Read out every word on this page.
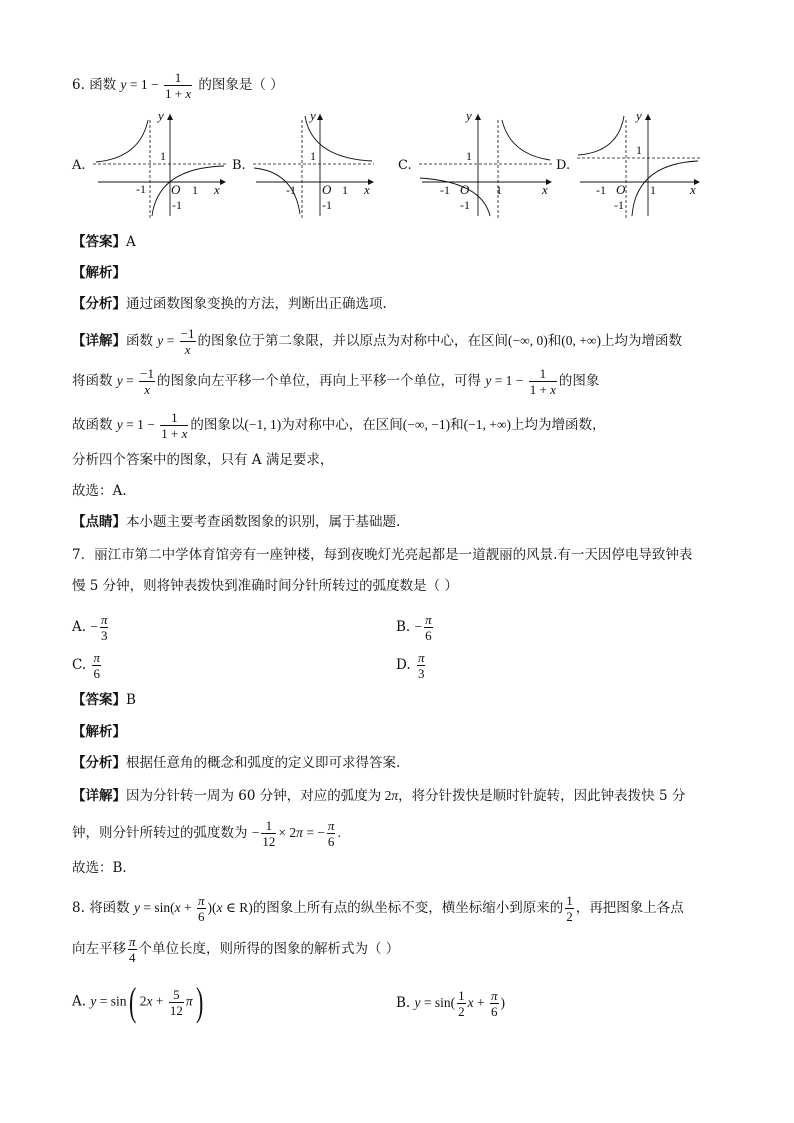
6. 函数 $y = 1 - \frac{1}{1 + x}$ 的图象是（ ）
A.
y
1
-1 O 1 x
-1
B.
y
1
-1 O 1 x
-1
C.
y
1
-1 O 1	x
-1
D.
y
1
-1 O 1	x
-1
【答案】A
【解析】
【分析】通过函数图象变换的方法，判断出正确选项.
【详解】函数 $y = \frac{-1}{x}$ 的图象位于第二象限，并以原点为对称中心，在区间(−∞, 0)和(0, +∞)上均为增函数
将函数 $y = \frac{-1}{x}$ 的图象向左平移一个单位，再向上平移一个单位，可得 $y = 1 - \frac{1}{1 + x}$ 的图象
故函数 $y = 1 - \frac{1}{1 + x}$ 的图象以(−1, 1)为对称中心，在区间(−∞, −1)和(−1, +∞)上均为增函数，
分析四个答案中的图象，只有 A 满足要求，
故选：A.
【点睛】本小题主要考查函数图象的识别，属于基础题.
7．丽江市第二中学体育馆旁有一座钟楼，每到夜晚灯光亮起都是一道靓丽的风景.有一天因停电导致钟表
慢 5 分钟，则将钟表拨快到准确时间分针所转过的弧度数是（ ）
A. − $\frac{\pi}{3}$	B. − $\frac{\pi}{6}$
C. $\frac{\pi}{6}$	D. $\frac{\pi}{3}$
【答案】B
【解析】
【分析】根据任意角的概念和弧度的定义即可求得答案.
【详解】因为分针转一周为 60 分钟，对应的弧度为 2π，将分针拨快是顺时针旋转，因此钟表拨快 5 分
钟，则分针所转过的弧度数为 − $\frac{1}{12} \times 2\pi$ = − $\frac{\pi}{6}$ .
故选：B．
8. 将函数 $y = \sin(x + \frac{\pi}{6} )(x$ ∈ R)的图象上所有点的纵坐标不变，横坐标缩小到原来的 $\frac{1}{2}$ ，再把图象上各点
向左平移 $\frac{\pi}{4}$ 个单位长度，则所得的图象的解析式为（ ）
A. y = sin( $2x + \frac{5}{12} \pi$)	B. $y = \sin( \frac{1}{2}$ $x + \frac{\pi}{6}$ )
